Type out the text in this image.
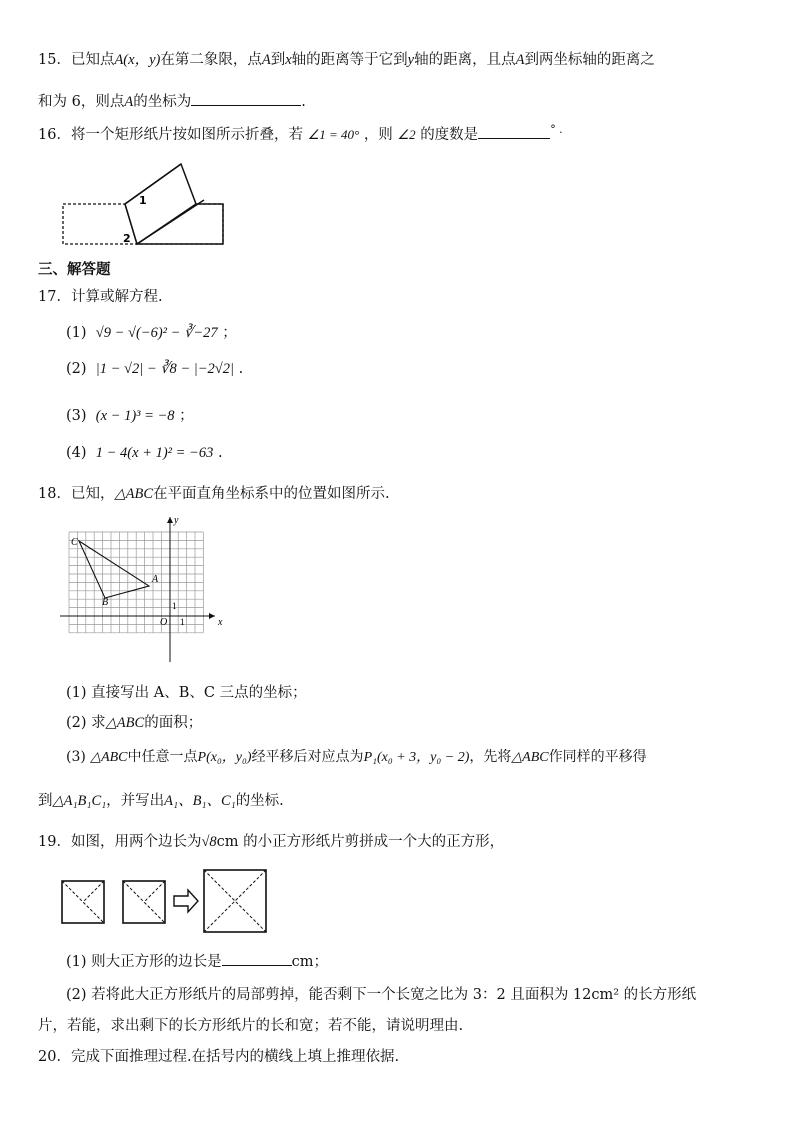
15．已知点A(x，y)在第二象限，点A到x轴的距离等于它到y轴的距离，且点A到两坐标轴的距离之
和为 6，则点A的坐标为	.
16．将一个矩形纸片按如图所示折叠，若 ∠1 = 40° ，则 ∠2 的度数是	° .
1
2
三、解答题
17．计算或解方程.
(1) √9 − √(−6)² − ∛−27 ；
(2) |1 − √2| − ∛8 − |−2√2| .
(3) (x − 1)³ = −8 ；
(4) 1 − 4(x + 1)² = −63 .
18．已知，△ABC在平面直角坐标系中的位置如图所示.
x
y
O 1
1
C
A
B
(1) 直接写出 A、B、C 三点的坐标；
(2) 求△ABC的面积；
(3) △ABC中任意一点P(x₀，y₀)经平移后对应点为P₁(x₀ + 3，y₀ − 2)，先将△ABC作同样的平移得
到△A₁B₁C₁，并写出A₁、B₁、C₁的坐标.
19．如图，用两个边长为√8cm 的小正方形纸片剪拼成一个大的正方形，
(1) 则大正方形的边长是	cm；
(2) 若将此大正方形纸片的局部剪掉，能否剩下一个长宽之比为 3：2 且面积为 12cm² 的长方形纸
片，若能，求出剩下的长方形纸片的长和宽；若不能，请说明理由.
20．完成下面推理过程.在括号内的横线上填上推理依据.
